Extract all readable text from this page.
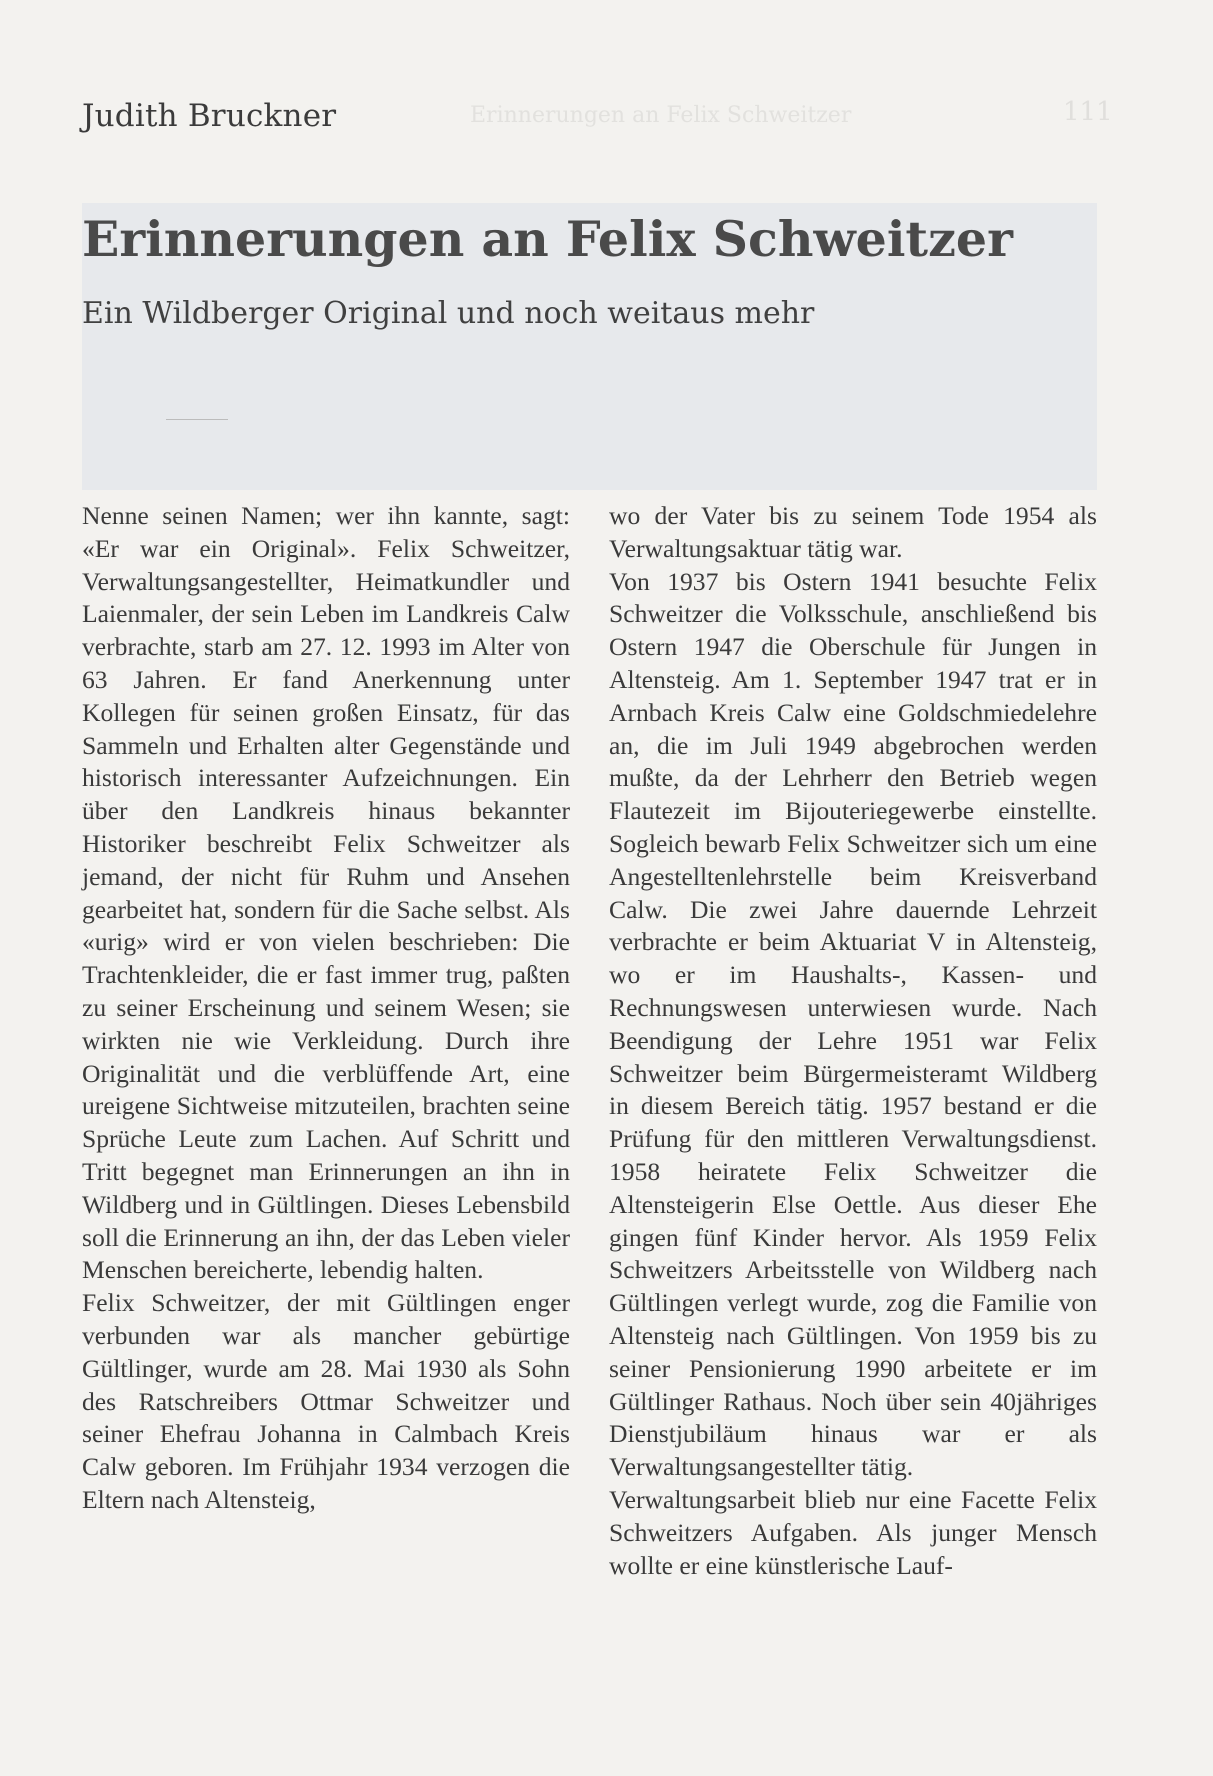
Judith Bruckner	Erinnerungen an Felix Schweitzer	111
Erinnerungen an Felix Schweitzer
Ein Wildberger Original und noch weitaus mehr

Nenne seinen Namen; wer ihn kannte, sagt: «Er war ein Original». Felix Schweitzer, Verwaltungsangestellter, Heimatkundler und Laienmaler, der sein Leben im Landkreis Calw verbrachte, starb am 27. 12. 1993 im Alter von 63 Jahren. Er fand Anerkennung unter Kollegen für seinen großen Einsatz, für das Sammeln und Erhalten alter Gegenstände und historisch interessanter Aufzeichnungen. Ein über den Landkreis hinaus bekannter Historiker beschreibt Felix Schweitzer als jemand, der nicht für Ruhm und Ansehen gearbeitet hat, sondern für die Sache selbst. Als «urig» wird er von vielen beschrieben: Die Trachtenkleider, die er fast immer trug, paßten zu seiner Erscheinung und seinem Wesen; sie wirkten nie wie Verkleidung. Durch ihre Originalität und die verblüffende Art, eine ureigene Sichtweise mitzuteilen, brachten seine Sprüche Leute zum Lachen. Auf Schritt und Tritt begegnet man Erinnerungen an ihn in Wildberg und in Gültlingen. Dieses Lebensbild soll die Erinnerung an ihn, der das Leben vieler Menschen bereicherte, lebendig halten.

Felix Schweitzer, der mit Gültlingen enger verbunden war als mancher gebürtige Gültlinger, wurde am 28. Mai 1930 als Sohn des Ratschreibers Ottmar Schweitzer und seiner Ehefrau Johanna in Calmbach Kreis Calw geboren. Im Frühjahr 1934 verzogen die Eltern nach Altensteig,

wo der Vater bis zu seinem Tode 1954 als Verwaltungsaktuar tätig war.

Von 1937 bis Ostern 1941 besuchte Felix Schweitzer die Volksschule, anschließend bis Ostern 1947 die Oberschule für Jungen in Altensteig. Am 1. September 1947 trat er in Arnbach Kreis Calw eine Goldschmiedelehre an, die im Juli 1949 abgebrochen werden mußte, da der Lehrherr den Betrieb wegen Flautezeit im Bijouteriegewerbe einstellte. Sogleich bewarb Felix Schweitzer sich um eine Angestelltenlehrstelle beim Kreisverband Calw. Die zwei Jahre dauernde Lehrzeit verbrachte er beim Aktuariat V in Altensteig, wo er im Haushalts-, Kassen- und Rechnungswesen unterwiesen wurde. Nach Beendigung der Lehre 1951 war Felix Schweitzer beim Bürgermeisteramt Wildberg in diesem Bereich tätig. 1957 bestand er die Prüfung für den mittleren Verwaltungsdienst. 1958 heiratete Felix Schweitzer die Altensteigerin Else Oettle. Aus dieser Ehe gingen fünf Kinder hervor. Als 1959 Felix Schweitzers Arbeitsstelle von Wildberg nach Gültlingen verlegt wurde, zog die Familie von Altensteig nach Gültlingen. Von 1959 bis zu seiner Pensionierung 1990 arbeitete er im Gültlinger Rathaus. Noch über sein 40jähriges Dienstjubiläum hinaus war er als Verwaltungsangestellter tätig.

Verwaltungsarbeit blieb nur eine Facette Felix Schweitzers Aufgaben. Als junger Mensch wollte er eine künstlerische Lauf-
